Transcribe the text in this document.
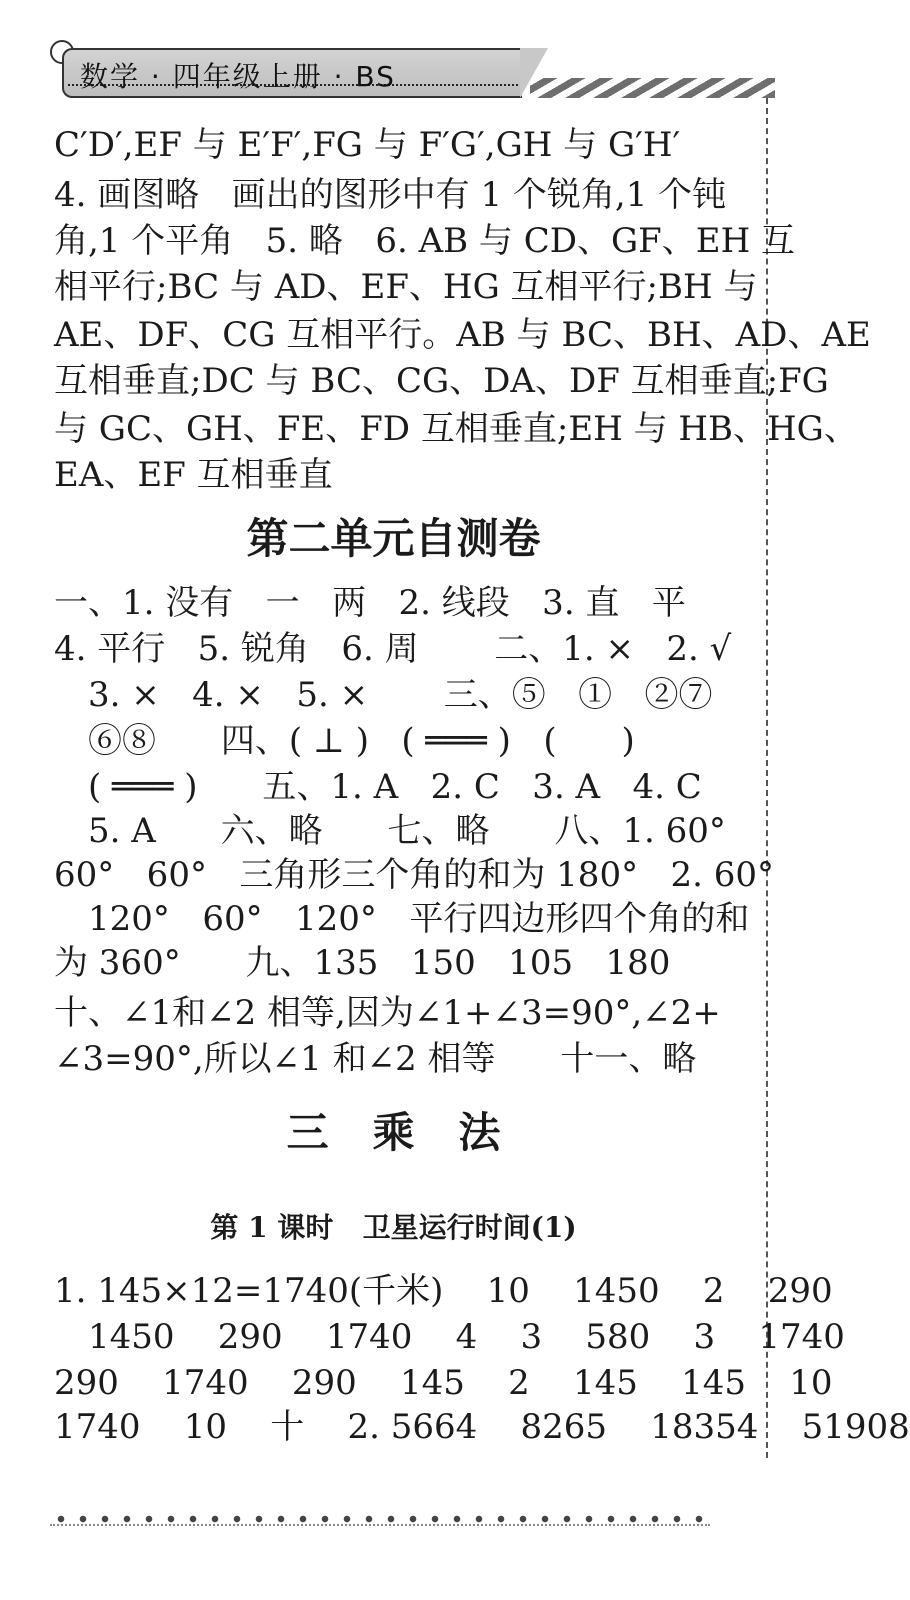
数学 · 四年级上册 · BS
C′D′,EF 与 E′F′,FG 与 F′G′,GH 与 G′H′
4. 画图略   画出的图形中有 1 个锐角,1 个钝
角,1 个平角   5. 略   6. AB 与 CD、GF、EH 互
相平行;BC 与 AD、EF、HG 互相平行;BH 与
AE、DF、CG 互相平行。AB 与 BC、BH、AD、AE
互相垂直;DC 与 BC、CG、DA、DF 互相垂直;FG
与 GC、GH、FE、FD 互相垂直;EH 与 HB、HG、
EA、EF 互相垂直
第二单元自测卷
一、1. 没有   一   两   2. 线段   3. 直   平
4. 平行   5. 锐角   6. 周       二、1. ×   2. √
3. ×   4. ×   5. ×       三、⑤   ①   ②⑦
⑥⑧      四、( ⊥ )   ( ═══ )   (      )
( ═══ )      五、1. A   2. C   3. A   4. C
5. A      六、略      七、略      八、1. 60°
60°   60°   三角形三个角的和为 180°   2. 60°
120°   60°   120°   平行四边形四个角的和
为 360°      九、135   150   105   180
十、∠1和∠2 相等,因为∠1+∠3=90°,∠2+
∠3=90°,所以∠1 和∠2 相等      十一、略
三   乘   法
第 1 课时   卫星运行时间(1)
1. 145×12=1740(千米)    10    1450    2    290
1450    290    1740    4    3    580    3    1740
290    1740    290    145    2    145    145    10
1740    10    十    2. 5664    8265    18354    51908
